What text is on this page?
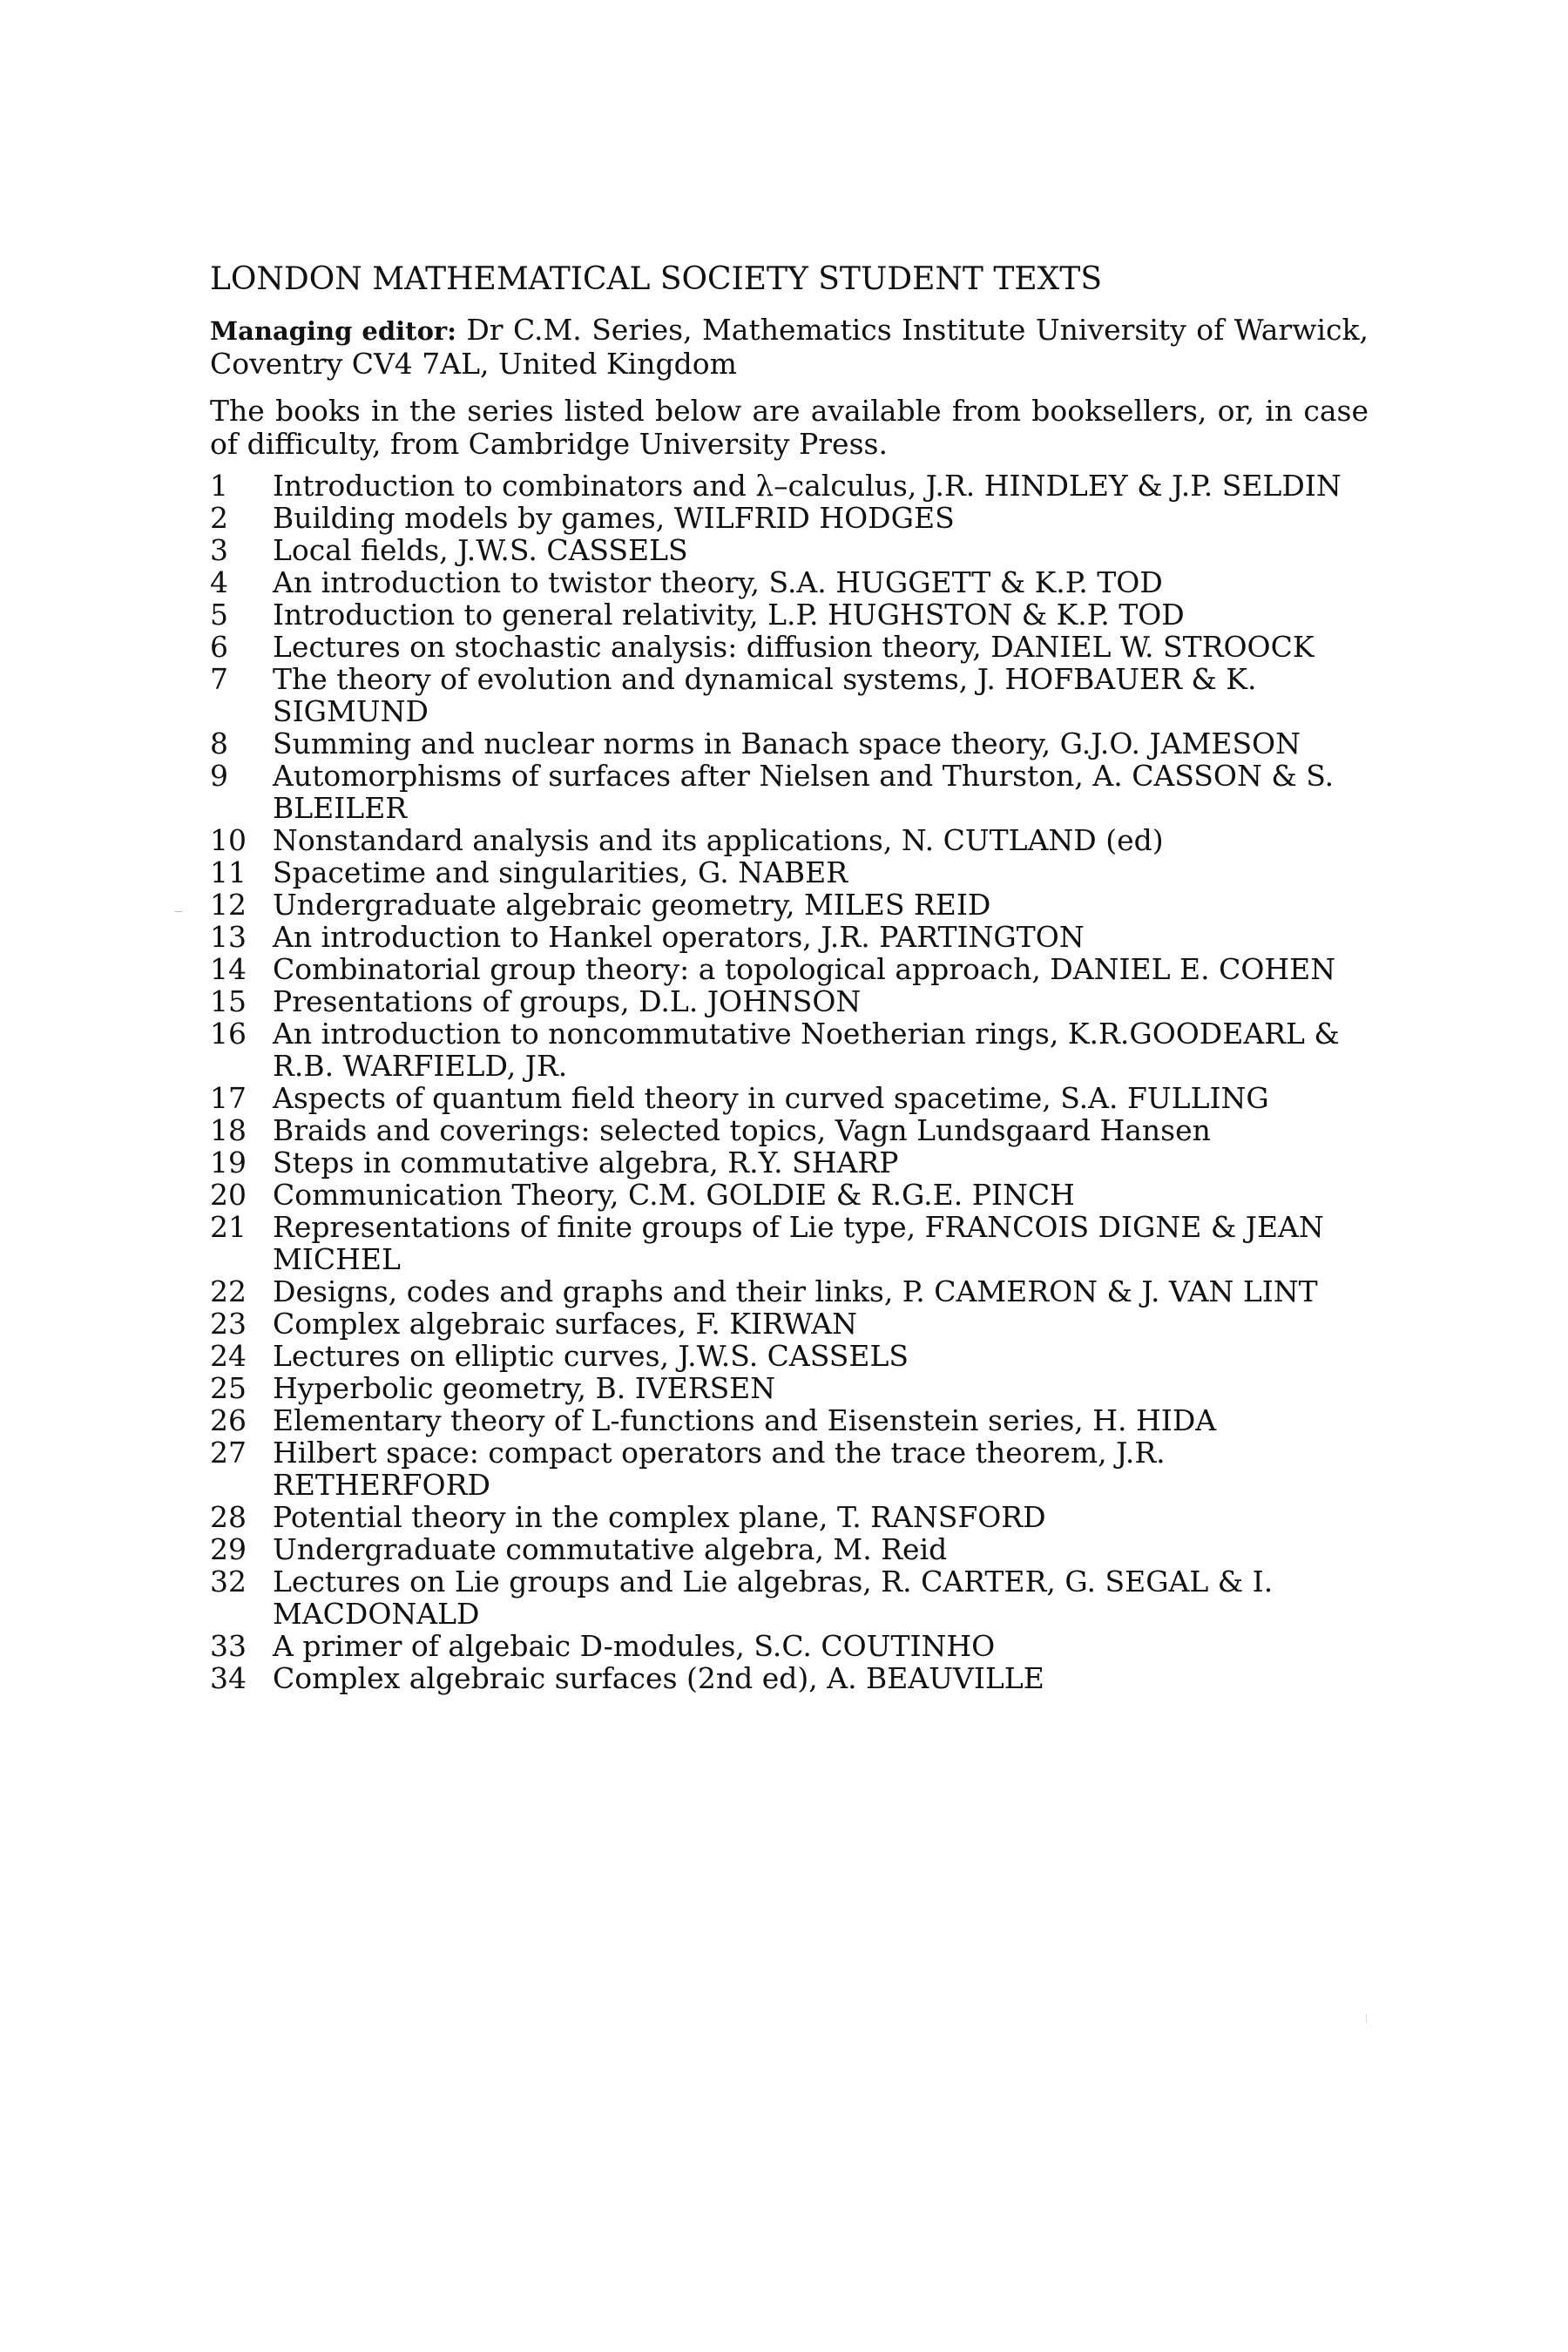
LONDON MATHEMATICAL SOCIETY STUDENT TEXTS

Managing editor: Dr C.M. Series, Mathematics Institute University of Warwick, Coventry CV4 7AL, United Kingdom

The books in the series listed below are available from booksellers, or, in case of difficulty, from Cambridge University Press.

1	Introduction to combinators and λ–calculus, J.R. HINDLEY & J.P. SELDIN
2	Building models by games, WILFRID HODGES
3	Local fields, J.W.S. CASSELS
4	An introduction to twistor theory, S.A. HUGGETT & K.P. TOD
5	Introduction to general relativity, L.P. HUGHSTON & K.P. TOD
6	Lectures on stochastic analysis: diffusion theory, DANIEL W. STROOCK
7	The theory of evolution and dynamical systems, J. HOFBAUER & K. SIGMUND
8	Summing and nuclear norms in Banach space theory, G.J.O. JAMESON
9	Automorphisms of surfaces after Nielsen and Thurston, A. CASSON & S. BLEILER
10 Nonstandard analysis and its applications, N. CUTLAND (ed)
11 Spacetime and singularities, G. NABER
12 Undergraduate algebraic geometry, MILES REID
13 An introduction to Hankel operators, J.R. PARTINGTON
14 Combinatorial group theory: a topological approach, DANIEL E. COHEN
15 Presentations of groups, D.L. JOHNSON
16 An introduction to noncommutative Noetherian rings, K.R.GOODEARL & R.B. WARFIELD, JR.
17 Aspects of quantum field theory in curved spacetime, S.A. FULLING
18 Braids and coverings: selected topics, Vagn Lundsgaard Hansen
19 Steps in commutative algebra, R.Y. SHARP
20 Communication Theory, C.M. GOLDIE & R.G.E. PINCH
21 Representations of finite groups of Lie type, FRANCOIS DIGNE & JEAN MICHEL
22 Designs, codes and graphs and their links, P. CAMERON & J. VAN LINT
23 Complex algebraic surfaces, F. KIRWAN
24 Lectures on elliptic curves, J.W.S. CASSELS
25 Hyperbolic geometry, B. IVERSEN
26 Elementary theory of L-functions and Eisenstein series, H. HIDA
27 Hilbert space: compact operators and the trace theorem, J.R. RETHERFORD
28 Potential theory in the complex plane, T. RANSFORD
29 Undergraduate commutative algebra, M. Reid
32 Lectures on Lie groups and Lie algebras, R. CARTER, G. SEGAL & I. MACDONALD
33 A primer of algebaic D-modules, S.C. COUTINHO
34 Complex algebraic surfaces (2nd ed), A. BEAUVILLE
